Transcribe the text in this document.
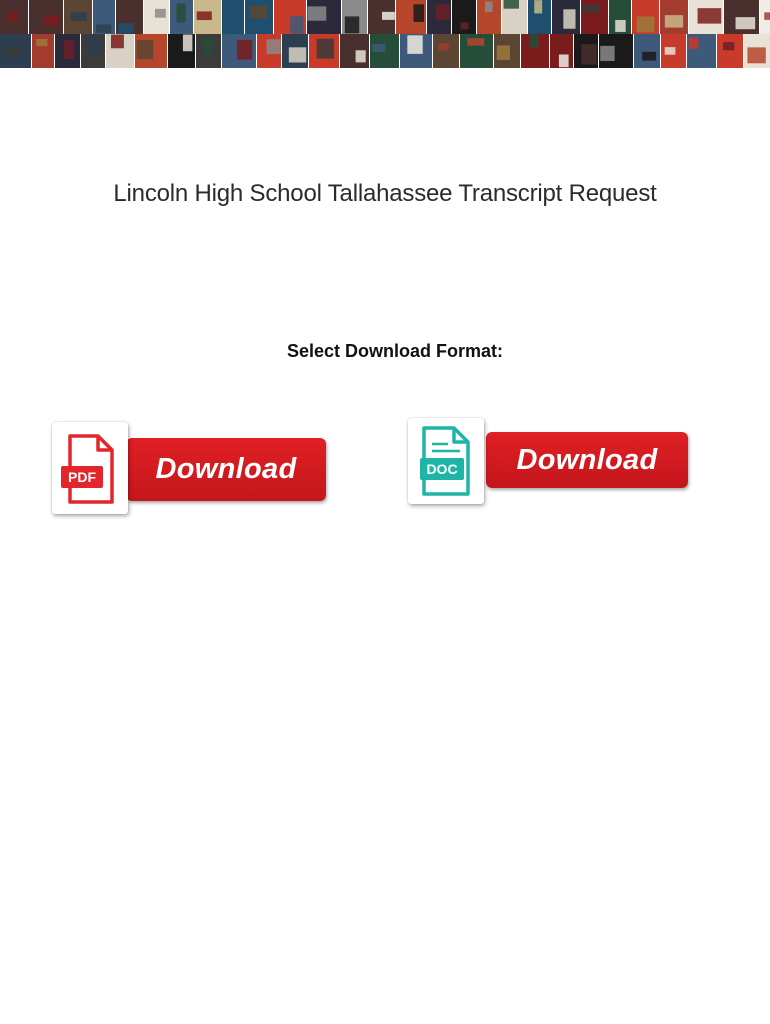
Lincoln High School Tallahassee Transcript Request
Select Download Format:
Download
PDF
Download
DOC
